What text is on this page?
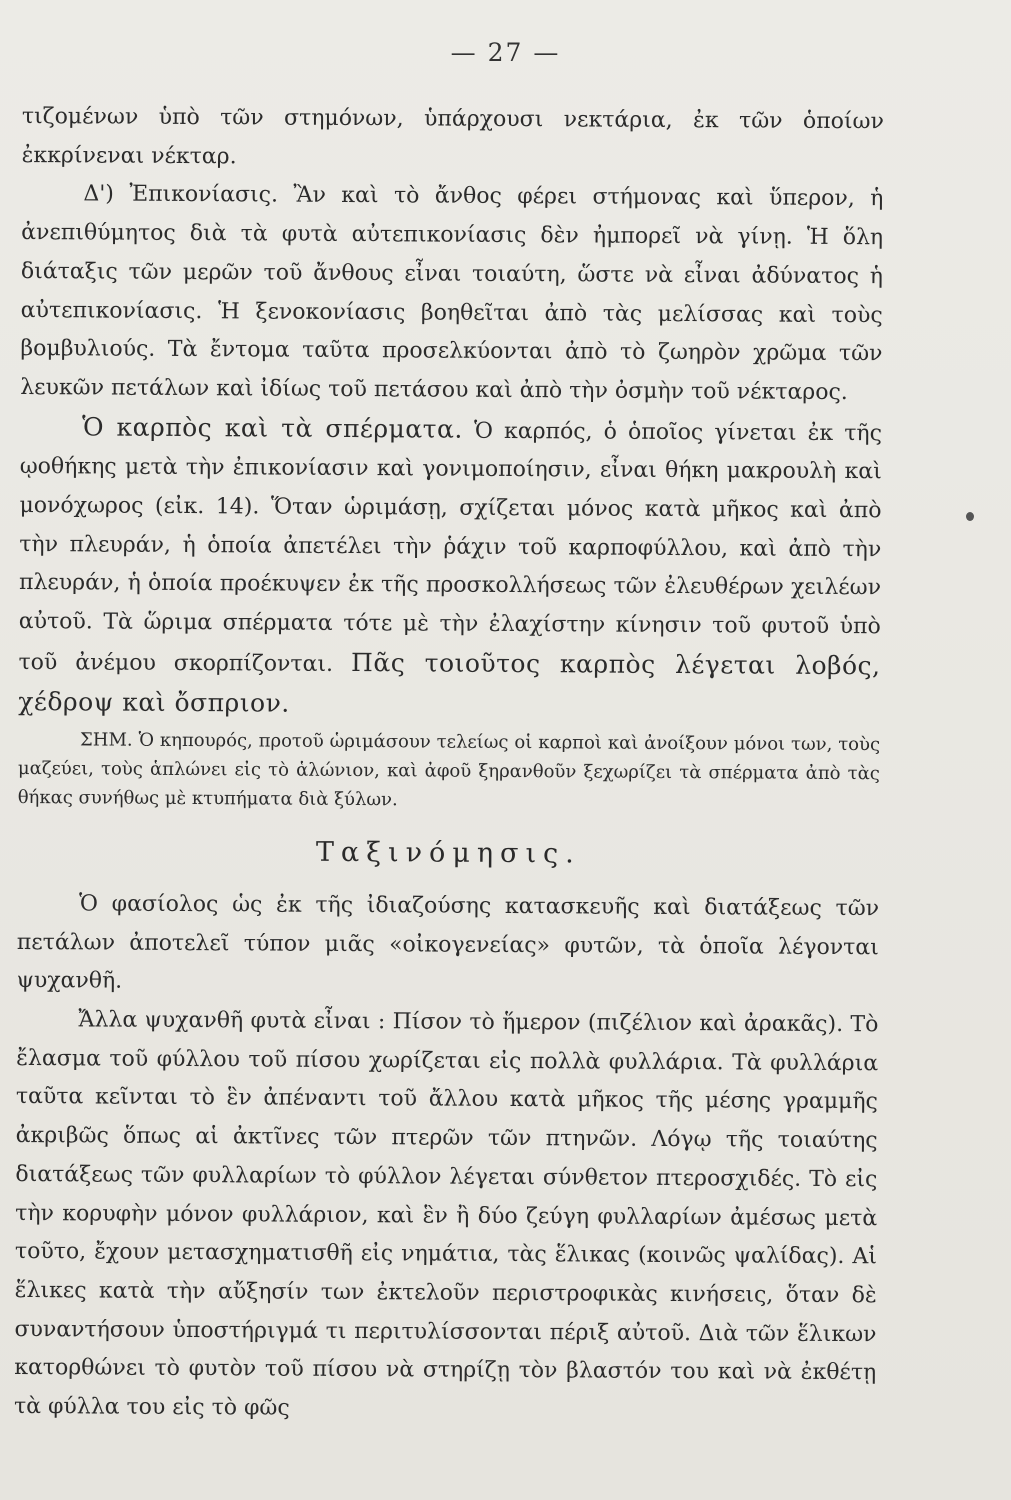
— 27 —

τιζομένων ὑπὸ τῶν στημόνων, ὑπάρχουσι νεκτάρια, ἐκ τῶν ὁποίων ἐκκρίνεναι νέκταρ.

Δ') Ἐπικονίασις. Ἂν καὶ τὸ ἄνθος φέρει στήμονας καὶ ὕπερον, ἡ ἀνεπιθύμητος διὰ τὰ φυτὰ αὐτεπικονίασις δὲν ἠμπορεῖ νὰ γίνῃ. Ἡ ὅλη διάταξις τῶν μερῶν τοῦ ἄνθους εἶναι τοιαύτη, ὥστε νὰ εἶναι ἀδύνατος ἡ αὐτεπικονίασις. Ἡ ξενοκονίασις βοηθεῖται ἀπὸ τὰς μελίσσας καὶ τοὺς βομβυλιούς. Τὰ ἔντομα ταῦτα προσελκύονται ἀπὸ τὸ ζωηρὸν χρῶμα τῶν λευκῶν πετάλων καὶ ἰδίως τοῦ πετάσου καὶ ἀπὸ τὴν ὀσμὴν τοῦ νέκταρος.

Ὁ καρπὸς καὶ τὰ σπέρματα. Ὁ καρπός, ὁ ὁποῖος γίνεται ἐκ τῆς ῳοθήκης μετὰ τὴν ἐπικονίασιν καὶ γονιμοποίησιν, εἶναι θήκη μακρουλὴ καὶ μονόχωρος (εἰκ. 14). Ὅταν ὡριμάσῃ, σχίζεται μόνος κατὰ μῆκος καὶ ἀπὸ τὴν πλευράν, ἡ ὁποία ἀπετέλει τὴν ῥάχιν τοῦ καρποφύλλου, καὶ ἀπὸ τὴν πλευράν, ἡ ὁποία προέκυψεν ἐκ τῆς προσκολλήσεως τῶν ἐλευθέρων χειλέων αὐτοῦ. Τὰ ὥριμα σπέρματα τότε μὲ τὴν ἐλαχίστην κίνησιν τοῦ φυτοῦ ὑπὸ τοῦ ἀνέμου σκορπίζονται. Πᾶς τοιοῦτος καρπὸς λέγεται λοβός, χέδροψ καὶ ὄσπριον.

ΣΗΜ. Ὁ κηπουρός, προτοῦ ὡριμάσουν τελείως οἱ καρποὶ καὶ ἀνοίξουν μόνοι των, τοὺς μαζεύει, τοὺς ἁπλώνει εἰς τὸ ἁλώνιον, καὶ ἀφοῦ ξηρανθοῦν ξεχωρίζει τὰ σπέρματα ἀπὸ τὰς θήκας συνήθως μὲ κτυπήματα διὰ ξύλων.

Ταξινόμησις.

Ὁ φασίολος ὡς ἐκ τῆς ἰδιαζούσης κατασκευῆς καὶ διατάξεως τῶν πετάλων ἀποτελεῖ τύπον μιᾶς «οἰκογενείας» φυτῶν, τὰ ὁποῖα λέγονται ψυχανθῆ.

Ἄλλα ψυχανθῆ φυτὰ εἶναι : Πίσον τὸ ἥμερον (πιζέλιον καὶ ἀρακᾶς). Τὸ ἔλασμα τοῦ φύλλου τοῦ πίσου χωρίζεται εἰς πολλὰ φυλλάρια. Τὰ φυλλάρια ταῦτα κεῖνται τὸ ἓν ἀπέναντι τοῦ ἄλλου κατὰ μῆκος τῆς μέσης γραμμῆς ἀκριβῶς ὅπως αἱ ἀκτῖνες τῶν πτερῶν τῶν πτηνῶν. Λόγῳ τῆς τοιαύτης διατάξεως τῶν φυλλαρίων τὸ φύλλον λέγεται σύνθετον πτεροσχιδές. Τὸ εἰς τὴν κορυφὴν μόνον φυλλάριον, καὶ ἓν ἢ δύο ζεύγη φυλλαρίων ἀμέσως μετὰ τοῦτο, ἔχουν μετασχηματισθῆ εἰς νημάτια, τὰς ἕλικας (κοινῶς ψαλίδας). Αἱ ἕλικες κατὰ τὴν αὔξησίν των ἐκτελοῦν περιστροφικὰς κινήσεις, ὅταν δὲ συναντήσουν ὑποστήριγμά τι περιτυλίσσονται πέριξ αὐτοῦ. Διὰ τῶν ἕλικων κατορθώνει τὸ φυτὸν τοῦ πίσου νὰ στηρίζῃ τὸν βλαστόν του καὶ νὰ ἐκθέτῃ τὰ φύλλα του εἰς τὸ φῶς
